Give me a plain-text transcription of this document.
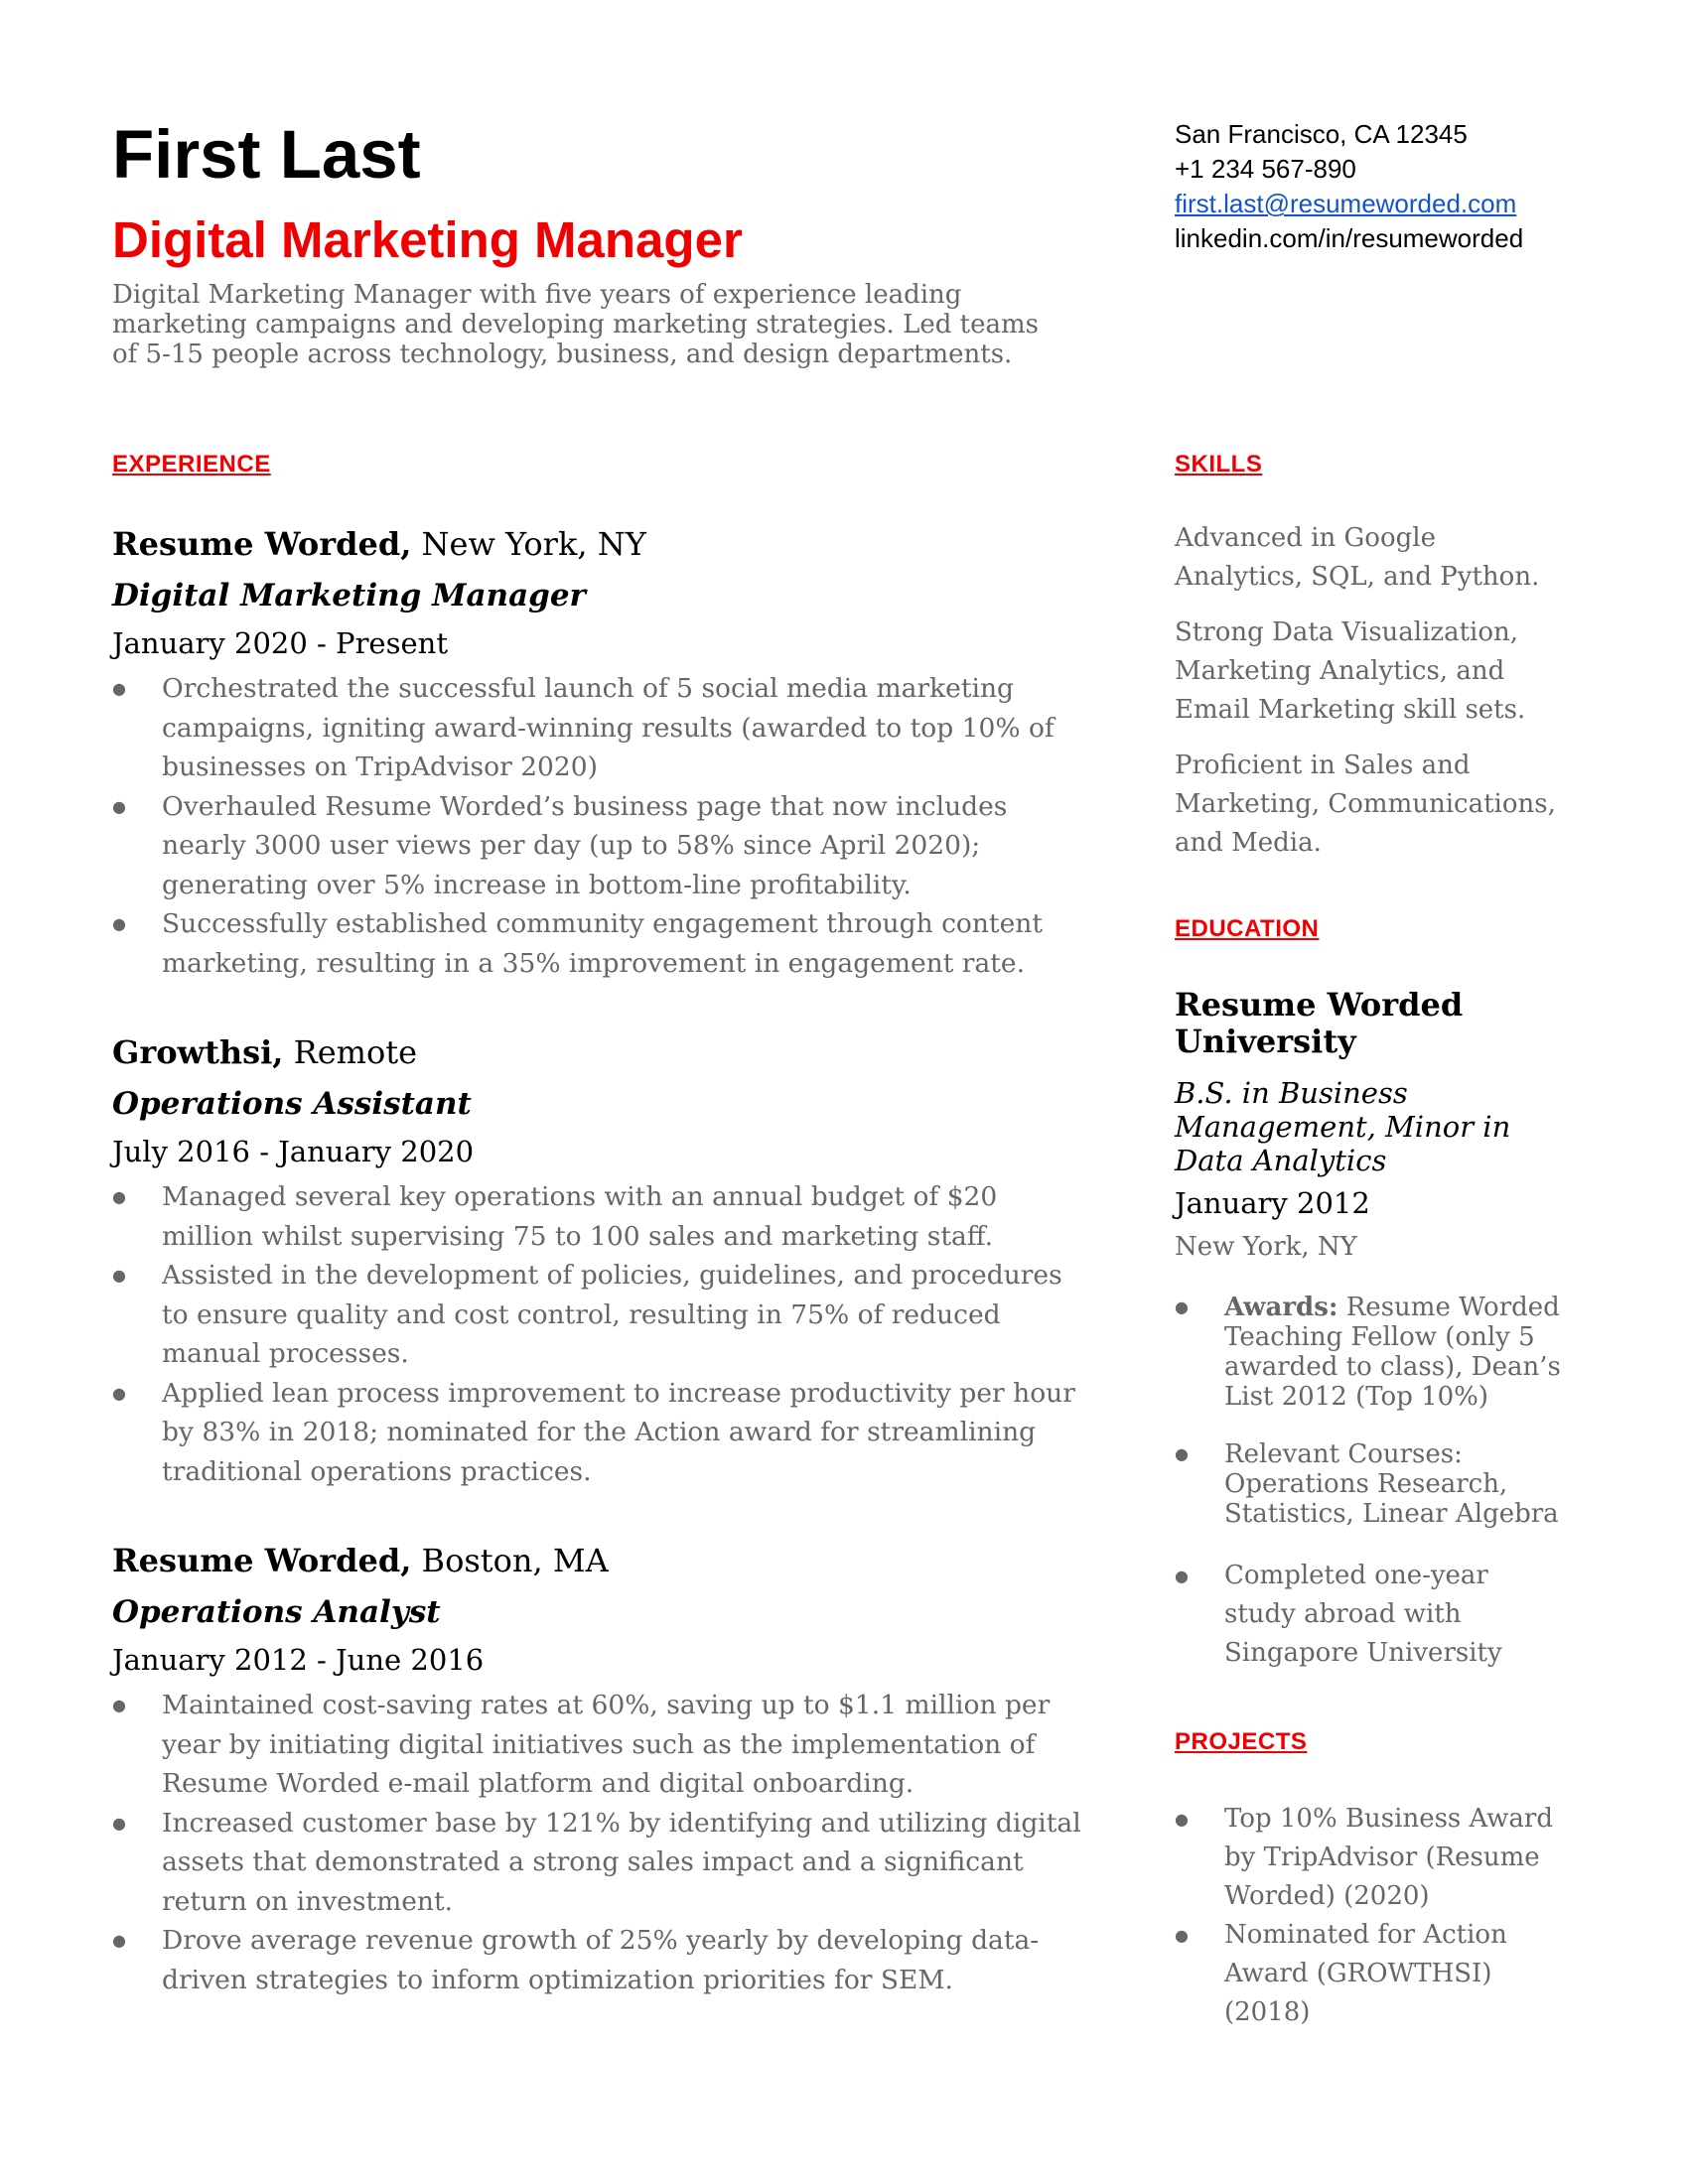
First Last
Digital Marketing Manager
Digital Marketing Manager with five years of experience leading marketing campaigns and developing marketing strategies. Led teams of 5-15 people across technology, business, and design departments.
San Francisco, CA 12345
+1 234 567-890
first.last@resumeworded.com
linkedin.com/in/resumeworded
EXPERIENCE
Resume Worded, New York, NY
Digital Marketing Manager
January 2020 - Present
● Orchestrated the successful launch of 5 social media marketing campaigns, igniting award-winning results (awarded to top 10% of businesses on TripAdvisor 2020)
● Overhauled Resume Worded’s business page that now includes nearly 3000 user views per day (up to 58% since April 2020); generating over 5% increase in bottom-line profitability.
● Successfully established community engagement through content marketing, resulting in a 35% improvement in engagement rate.
Growthsi, Remote
Operations Assistant
July 2016 - January 2020
● Managed several key operations with an annual budget of $20 million whilst supervising 75 to 100 sales and marketing staff.
● Assisted in the development of policies, guidelines, and procedures to ensure quality and cost control, resulting in 75% of reduced manual processes.
● Applied lean process improvement to increase productivity per hour by 83% in 2018; nominated for the Action award for streamlining traditional operations practices.
Resume Worded, Boston, MA
Operations Analyst
January 2012 - June 2016
● Maintained cost-saving rates at 60%, saving up to $1.1 million per year by initiating digital initiatives such as the implementation of Resume Worded e-mail platform and digital onboarding.
● Increased customer base by 121% by identifying and utilizing digital assets that demonstrated a strong sales impact and a significant return on investment.
● Drove average revenue growth of 25% yearly by developing data-driven strategies to inform optimization priorities for SEM.
SKILLS
Advanced in Google Analytics, SQL, and Python.
Strong Data Visualization, Marketing Analytics, and Email Marketing skill sets.
Proficient in Sales and Marketing, Communications, and Media.
EDUCATION
Resume Worded University
B.S. in Business Management, Minor in Data Analytics
January 2012
New York, NY
● Awards: Resume Worded Teaching Fellow (only 5 awarded to class), Dean’s List 2012 (Top 10%)
● Relevant Courses: Operations Research, Statistics, Linear Algebra
● Completed one-year study abroad with Singapore University
PROJECTS
● Top 10% Business Award by TripAdvisor (Resume Worded) (2020)
● Nominated for Action Award (GROWTHSI) (2018)
